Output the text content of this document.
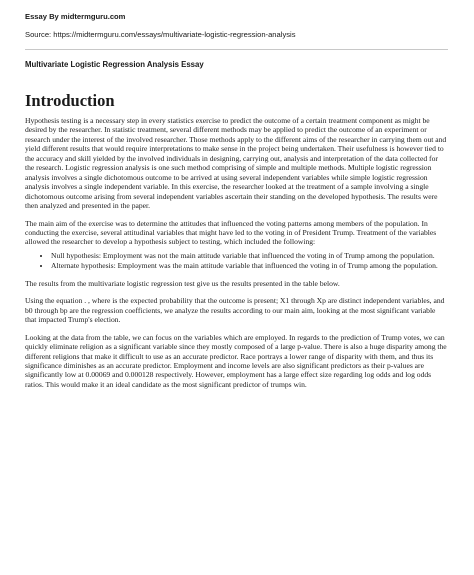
Essay By midtermguru.com

Source: https://midtermguru.com/essays/multivariate-logistic-regression-analysis

Multivariate Logistic Regression Analysis Essay

Introduction

Hypothesis testing is a necessary step in every statistics exercise to predict the outcome of a certain treatment component as might be desired by the researcher. In statistic treatment, several different methods may be applied to predict the outcome of an experiment or research under the interest of the involved researcher. Those methods apply to the different aims of the researcher in carrying them out and yield different results that would require interpretations to make sense in the project being undertaken. Their usefulness is however tied to the accuracy and skill yielded by the involved individuals in designing, carrying out, analysis and interpretation of the data collected for the research. Logistic regression analysis is one such method comprising of simple and multiple methods. Multiple logistic regression analysis involves a single dichotomous outcome to be arrived at using several independent variables while simple logistic regression analysis involves a single independent variable. In this exercise, the researcher looked at the treatment of a sample involving a single dichotomous outcome arising from several independent variables ascertain their standing on the developed hypothesis. The results were then analyzed and presented in the paper.

The main aim of the exercise was to determine the attitudes that influenced the voting patterns among members of the population. In conducting the exercise, several attitudinal variables that might have led to the voting in of President Trump. Treatment of the variables allowed the researcher to develop a hypothesis subject to testing, which included the following:

• Null hypothesis: Employment was not the main attitude variable that influenced the voting in of Trump among the population.
• Alternate hypothesis: Employment was the main attitude variable that influenced the voting in of Trump among the population.

The results from the multivariate logistic regression test give us the results presented in the table below.

Using the equation . , where is the expected probability that the outcome is present; X1 through Xp are distinct independent variables, and b0 through bp are the regression coefficients, we analyze the results according to our main aim, looking at the most significant variable that impacted Trump's election.

Looking at the data from the table, we can focus on the variables which are employed. In regards to the prediction of Trump votes, we can quickly eliminate religion as a significant variable since they mostly composed of a large p-value. There is also a huge disparity among the different religions that make it difficult to use as an accurate predictor. Race portrays a lower range of disparity with them, and thus its significance diminishes as an accurate predictor. Employment and income levels are also significant predictors as their p-values are significantly low at 0.00069 and 0.000128 respectively. However, employment has a large effect size regarding log odds and log odds ratios. This would make it an ideal candidate as the most significant predictor of trumps win.
